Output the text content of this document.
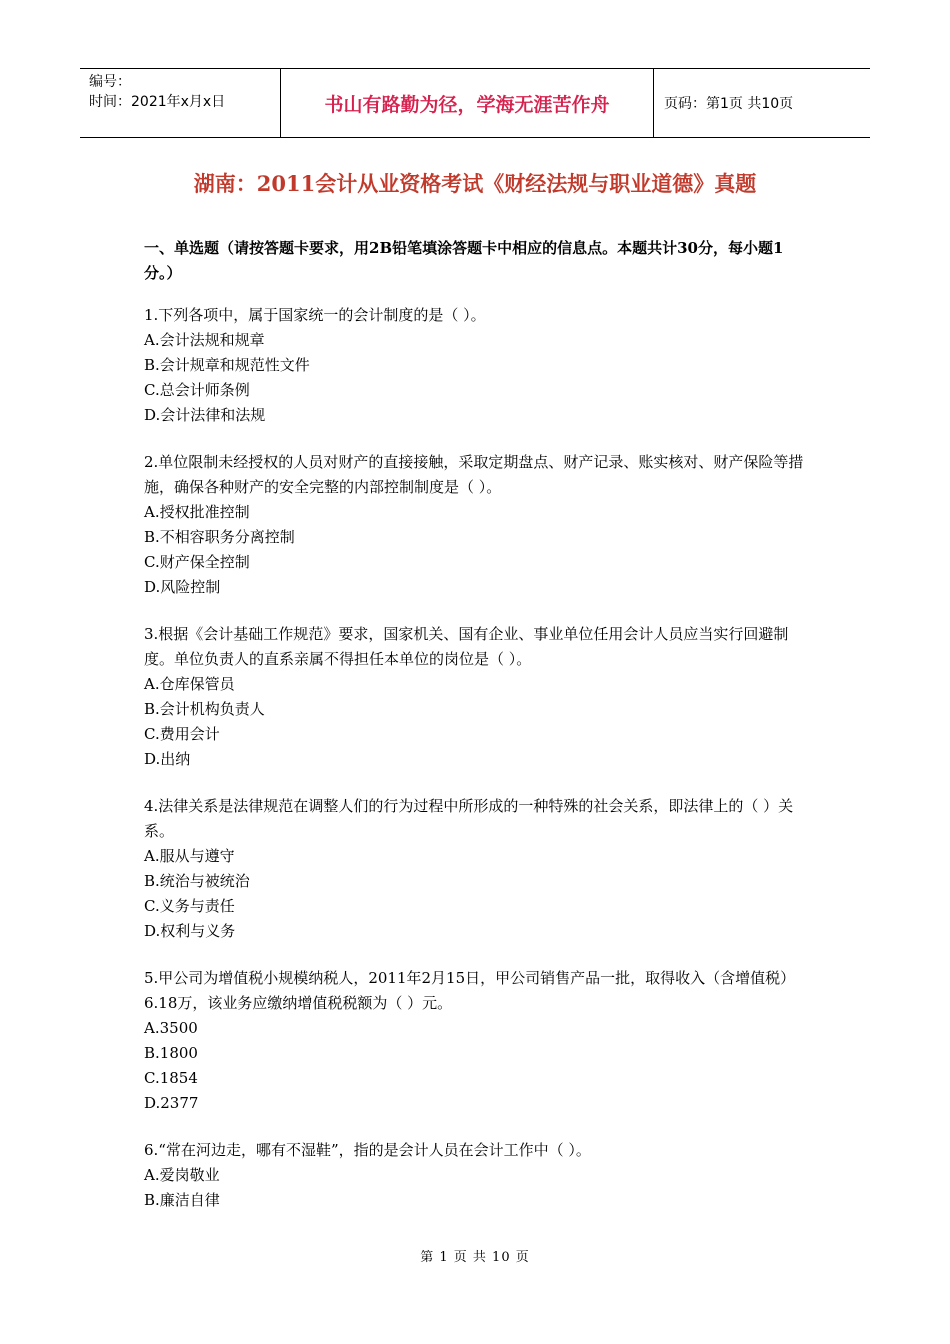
编号：
时间：2021年x月x日	书山有路勤为径，学海无涯苦作舟	页码：第1页 共10页
湖南：2011会计从业资格考试《财经法规与职业道德》真题
一、单选题（请按答题卡要求，用2B铅笔填涂答题卡中相应的信息点。本题共计30分，每小题1分。）
1.下列各项中，属于国家统一的会计制度的是（ ）。
A.会计法规和规章
B.会计规章和规范性文件
C.总会计师条例
D.会计法律和法规
2.单位限制未经授权的人员对财产的直接接触，采取定期盘点、财产记录、账实核对、财产保险等措施，确保各种财产的安全完整的内部控制制度是（ ）。
A.授权批准控制
B.不相容职务分离控制
C.财产保全控制
D.风险控制
3.根据《会计基础工作规范》要求，国家机关、国有企业、事业单位任用会计人员应当实行回避制度。单位负责人的直系亲属不得担任本单位的岗位是（ ）。
A.仓库保管员
B.会计机构负责人
C.费用会计
D.出纳
4.法律关系是法律规范在调整人们的行为过程中所形成的一种特殊的社会关系，即法律上的（ ）关系。
A.服从与遵守
B.统治与被统治
C.义务与责任
D.权利与义务
5.甲公司为增值税小规模纳税人，2011年2月15日，甲公司销售产品一批，取得收入（含增值税）6.18万，该业务应缴纳增值税税额为（ ）元。
A.3500
B.1800
C.1854
D.2377
6.“常在河边走，哪有不湿鞋”，指的是会计人员在会计工作中（ ）。
A.爱岗敬业
B.廉洁自律
第 1 页 共 10 页
